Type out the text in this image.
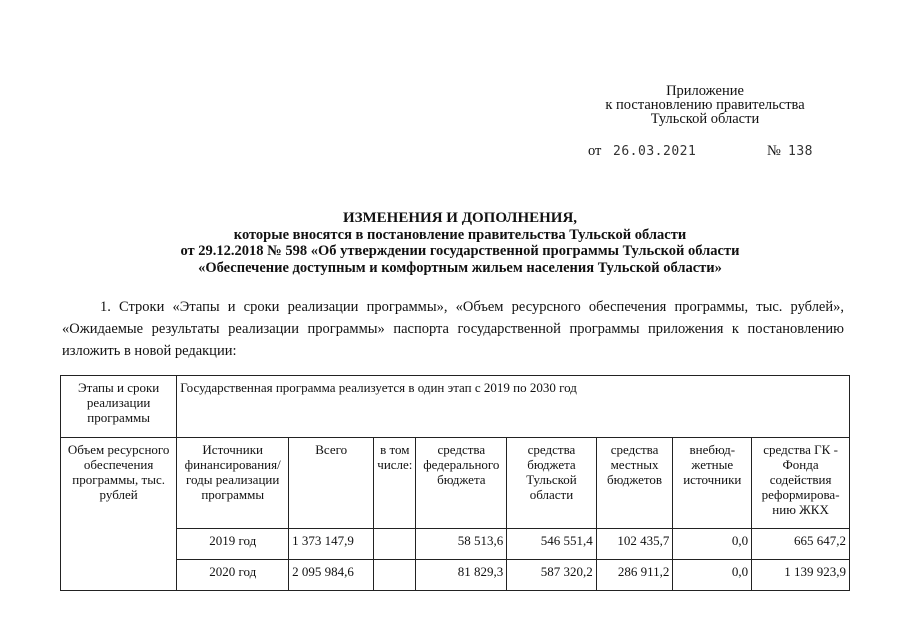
Приложение
к постановлению правительства
Тульской области
от 26.03.2021	№ 138
ИЗМЕНЕНИЯ И ДОПОЛНЕНИЯ,
которые вносятся в постановление правительства Тульской области
от 29.12.2018 № 598 «Об утверждении государственной программы Тульской области
«Обеспечение доступным и комфортным жильем населения Тульской области»
1. Строки «Этапы и сроки реализации программы», «Объем ресурсного обеспечения программы, тыс. рублей», «Ожидаемые результаты реализации программы» паспорта государственной программы приложения к постановлению изложить в новой редакции:
Этапы и сроки реализации программы	Государственная программа реализуется в один этап с 2019 по 2030 год							
Объем ресурсного обеспечения программы, тыс. рублей	Источники финансирования/ годы реализации программы	Всего	в том числе:	средства федерального бюджета	средства бюджета Тульской области	средства местных бюджетов	внебюд-жетные источники	средства ГК - Фонда содействия реформирова-нию ЖКХ
	2019 год	1 373 147,9		58 513,6	546 551,4	102 435,7	0,0	665 647,2
	2020 год	2 095 984,6		81 829,3	587 320,2	286 911,2	0,0	1 139 923,9
